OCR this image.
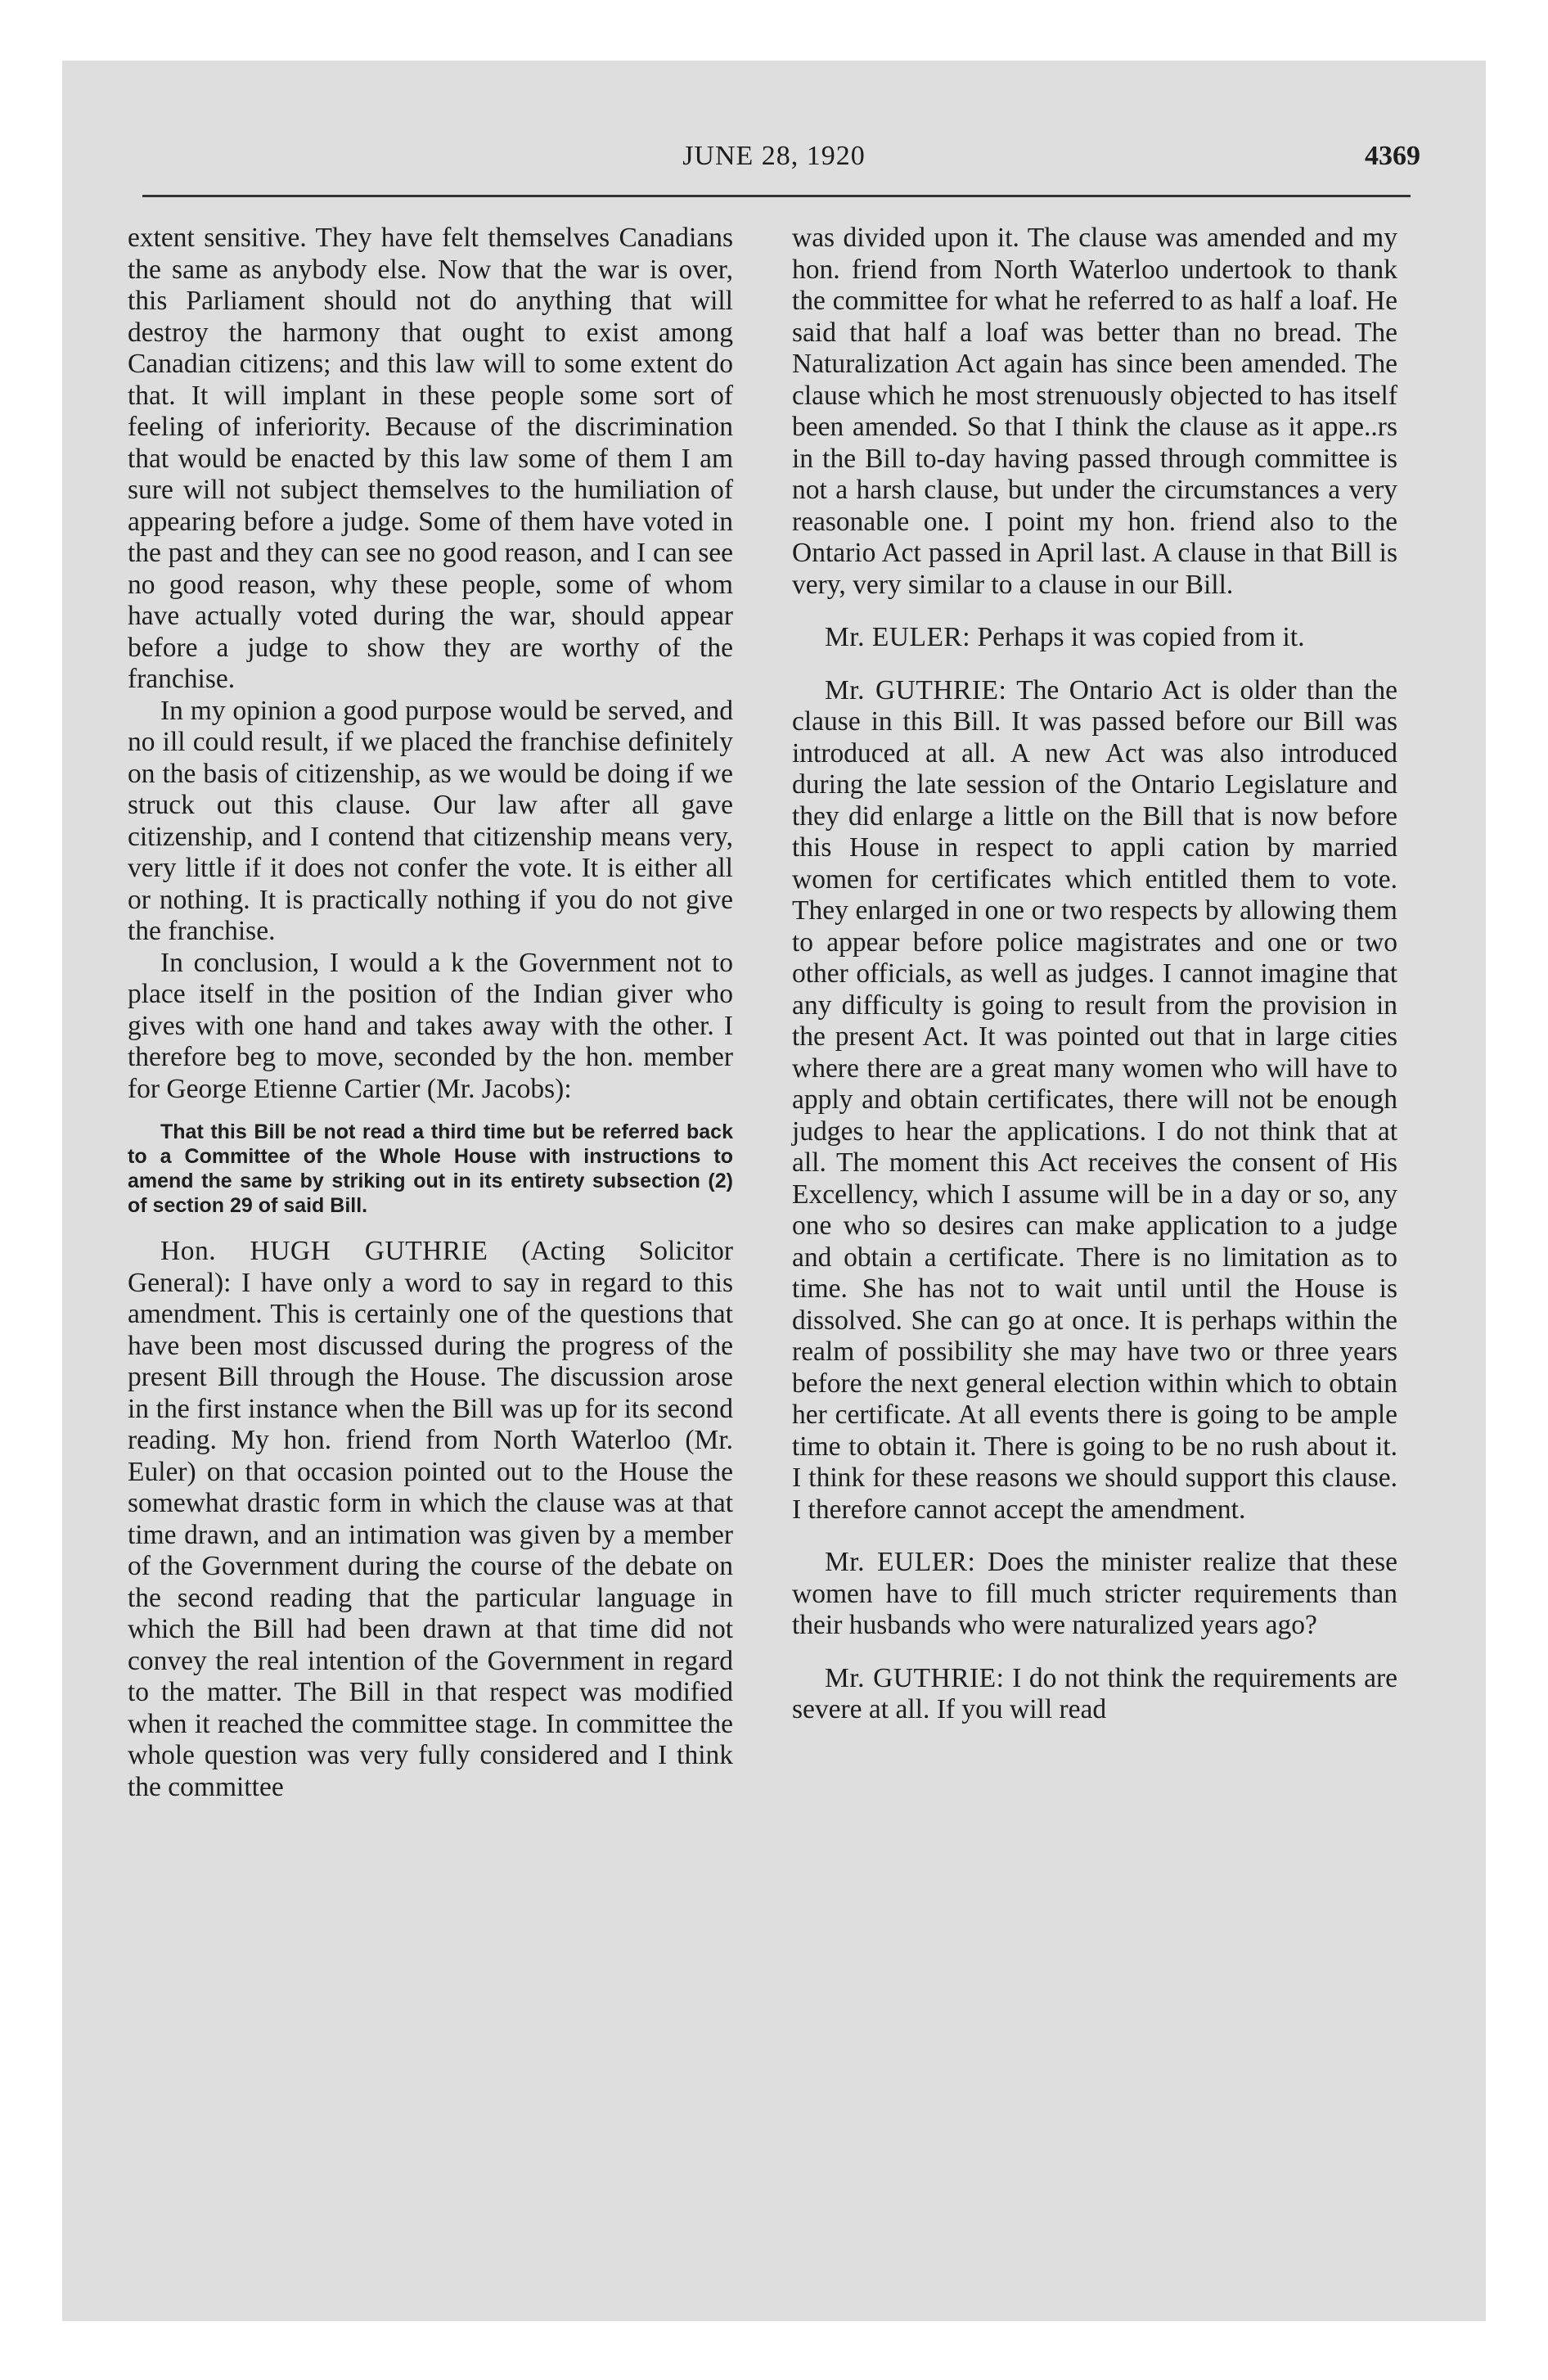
JUNE 28, 1920	4369

extent sensitive. They have felt themselves Canadians the same as anybody else. Now that the war is over, this Parliament should not do anything that will destroy the harmony that ought to exist among Canadian citizens; and this law will to some extent do that. It will implant in these people some sort of feeling of inferiority. Because of the discrimination that would be enacted by this law some of them I am sure will not subject themselves to the humiliation of appearing before a judge. Some of them have voted in the past and they can see no good reason, and I can see no good reason, why these people, some of whom have actually voted during the war, should appear before a judge to show they are worthy of the franchise.

In my opinion a good purpose would be served, and no ill could result, if we placed the franchise definitely on the basis of citizenship, as we would be doing if we struck out this clause. Our law after all gave citizenship, and I contend that citizenship means very, very little if it does not confer the vote. It is either all or nothing. It is practically nothing if you do not give the franchise.

In conclusion, I would a k the Government not to place itself in the position of the Indian giver who gives with one hand and takes away with the other. I therefore beg to move, seconded by the hon. member for George Etienne Cartier (Mr. Jacobs):

That this Bill be not read a third time but be referred back to a Committee of the Whole House with instructions to amend the same by striking out in its entirety subsection (2) of section 29 of said Bill.

Hon. HUGH GUTHRIE (Acting Solicitor General): I have only a word to say in regard to this amendment. This is certainly one of the questions that have been most discussed during the progress of the present Bill through the House. The discussion arose in the first instance when the Bill was up for its second reading. My hon. friend from North Waterloo (Mr. Euler) on that occasion pointed out to the House the somewhat drastic form in which the clause was at that time drawn, and an intimation was given by a member of the Government during the course of the debate on the second reading that the particular language in which the Bill had been drawn at that time did not convey the real intention of the Government in regard to the matter. The Bill in that respect was modified when it reached the committee stage. In committee the whole question was very fully considered and I think the committee

was divided upon it. The clause was amended and my hon. friend from North Waterloo undertook to thank the committee for what he referred to as half a loaf. He said that half a loaf was better than no bread. The Naturalization Act again has since been amended. The clause which he most strenuously objected to has itself been amended. So that I think the clause as it appe..rs in the Bill to-day having passed through committee is not a harsh clause, but under the circumstances a very reasonable one. I point my hon. friend also to the Ontario Act passed in April last. A clause in that Bill is very, very similar to a clause in our Bill.

Mr. EULER: Perhaps it was copied from it.

Mr. GUTHRIE: The Ontario Act is older than the clause in this Bill. It was passed before our Bill was introduced at all. A new Act was also introduced during the late session of the Ontario Legislature and they did enlarge a little on the Bill that is now before this House in respect to appli cation by married women for certificates which entitled them to vote. They enlarged in one or two respects by allowing them to appear before police magistrates and one or two other officials, as well as judges. I cannot imagine that any difficulty is going to result from the provision in the present Act. It was pointed out that in large cities where there are a great many women who will have to apply and obtain certificates, there will not be enough judges to hear the applications. I do not think that at all. The moment this Act receives the consent of His Excellency, which I assume will be in a day or so, any one who so desires can make application to a judge and obtain a certificate. There is no limitation as to time. She has not to wait until until the House is dissolved. She can go at once. It is perhaps within the realm of possibility she may have two or three years before the next general election within which to obtain her certificate. At all events there is going to be ample time to obtain it. There is going to be no rush about it. I think for these reasons we should support this clause. I therefore cannot accept the amendment.

Mr. EULER: Does the minister realize that these women have to fill much stricter requirements than their husbands who were naturalized years ago?

Mr. GUTHRIE: I do not think the requirements are severe at all. If you will read
